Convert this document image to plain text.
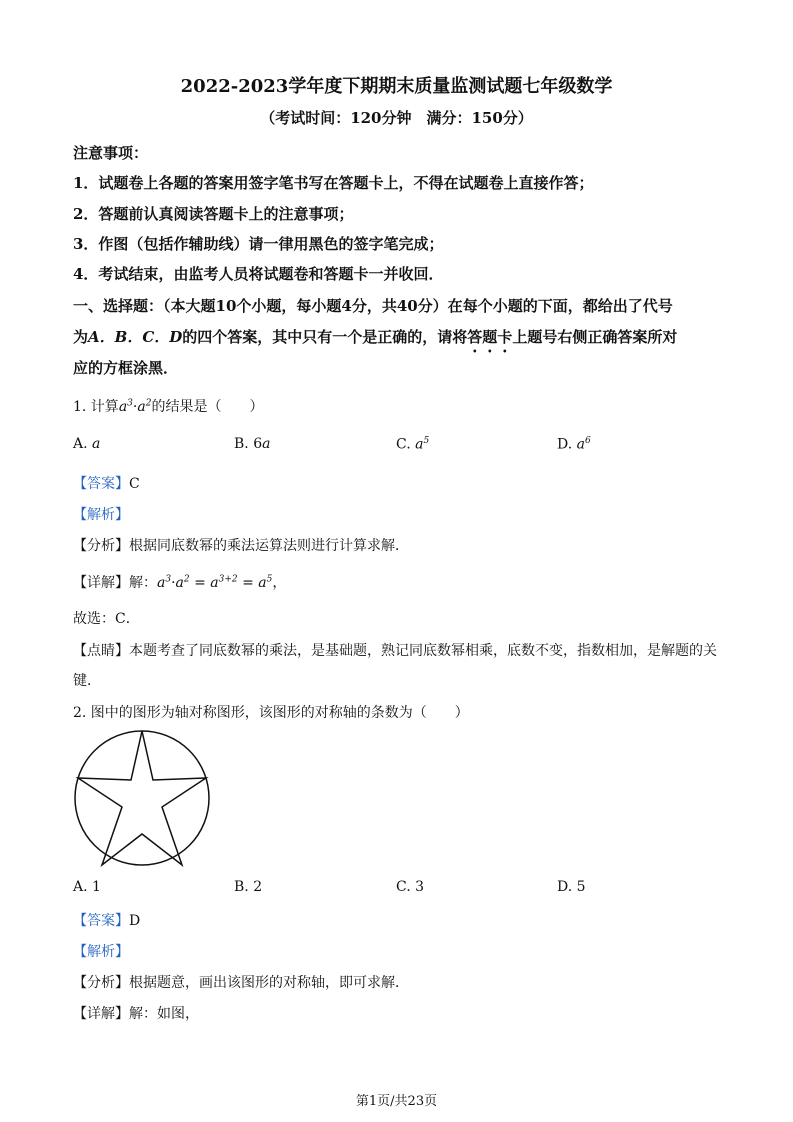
2022-2023学年度下期期末质量监测试题七年级数学
（考试时间：120分钟　满分：150分）
注意事项：
1．试题卷上各题的答案用签字笔书写在答题卡上，不得在试题卷上直接作答；
2．答题前认真阅读答题卡上的注意事项；
3．作图（包括作辅助线）请一律用黑色的签字笔完成；
4．考试结束，由监考人员将试题卷和答题卡一并收回．
一、选择题：（本大题10个小题，每小题4分，共40分）在每个小题的下面，都给出了代号
为A．B．C．D的四个答案，其中只有一个是正确的，请将答题卡上题号右侧正确答案所对
应的方框涂黑．
1. 计算$a^3\cdot a^2$的结果是（　　）
A. a	B. 6a	C. $a^5$	D. $a^6$
【答案】C
【解析】
【分析】根据同底数幂的乘法运算法则进行计算求解．
【详解】解：$a^3\cdot a^2 = a^{3+2} = a^5$，
故选：C．
【点睛】本题考查了同底数幂的乘法，是基础题，熟记同底数幂相乘，底数不变，指数相加，是解题的关
键．
2. 图中的图形为轴对称图形，该图形的对称轴的条数为（　　）
A. 1	B. 2	C. 3	D. 5
【答案】D
【解析】
【分析】根据题意，画出该图形的对称轴，即可求解．
【详解】解：如图，
第1页/共23页
